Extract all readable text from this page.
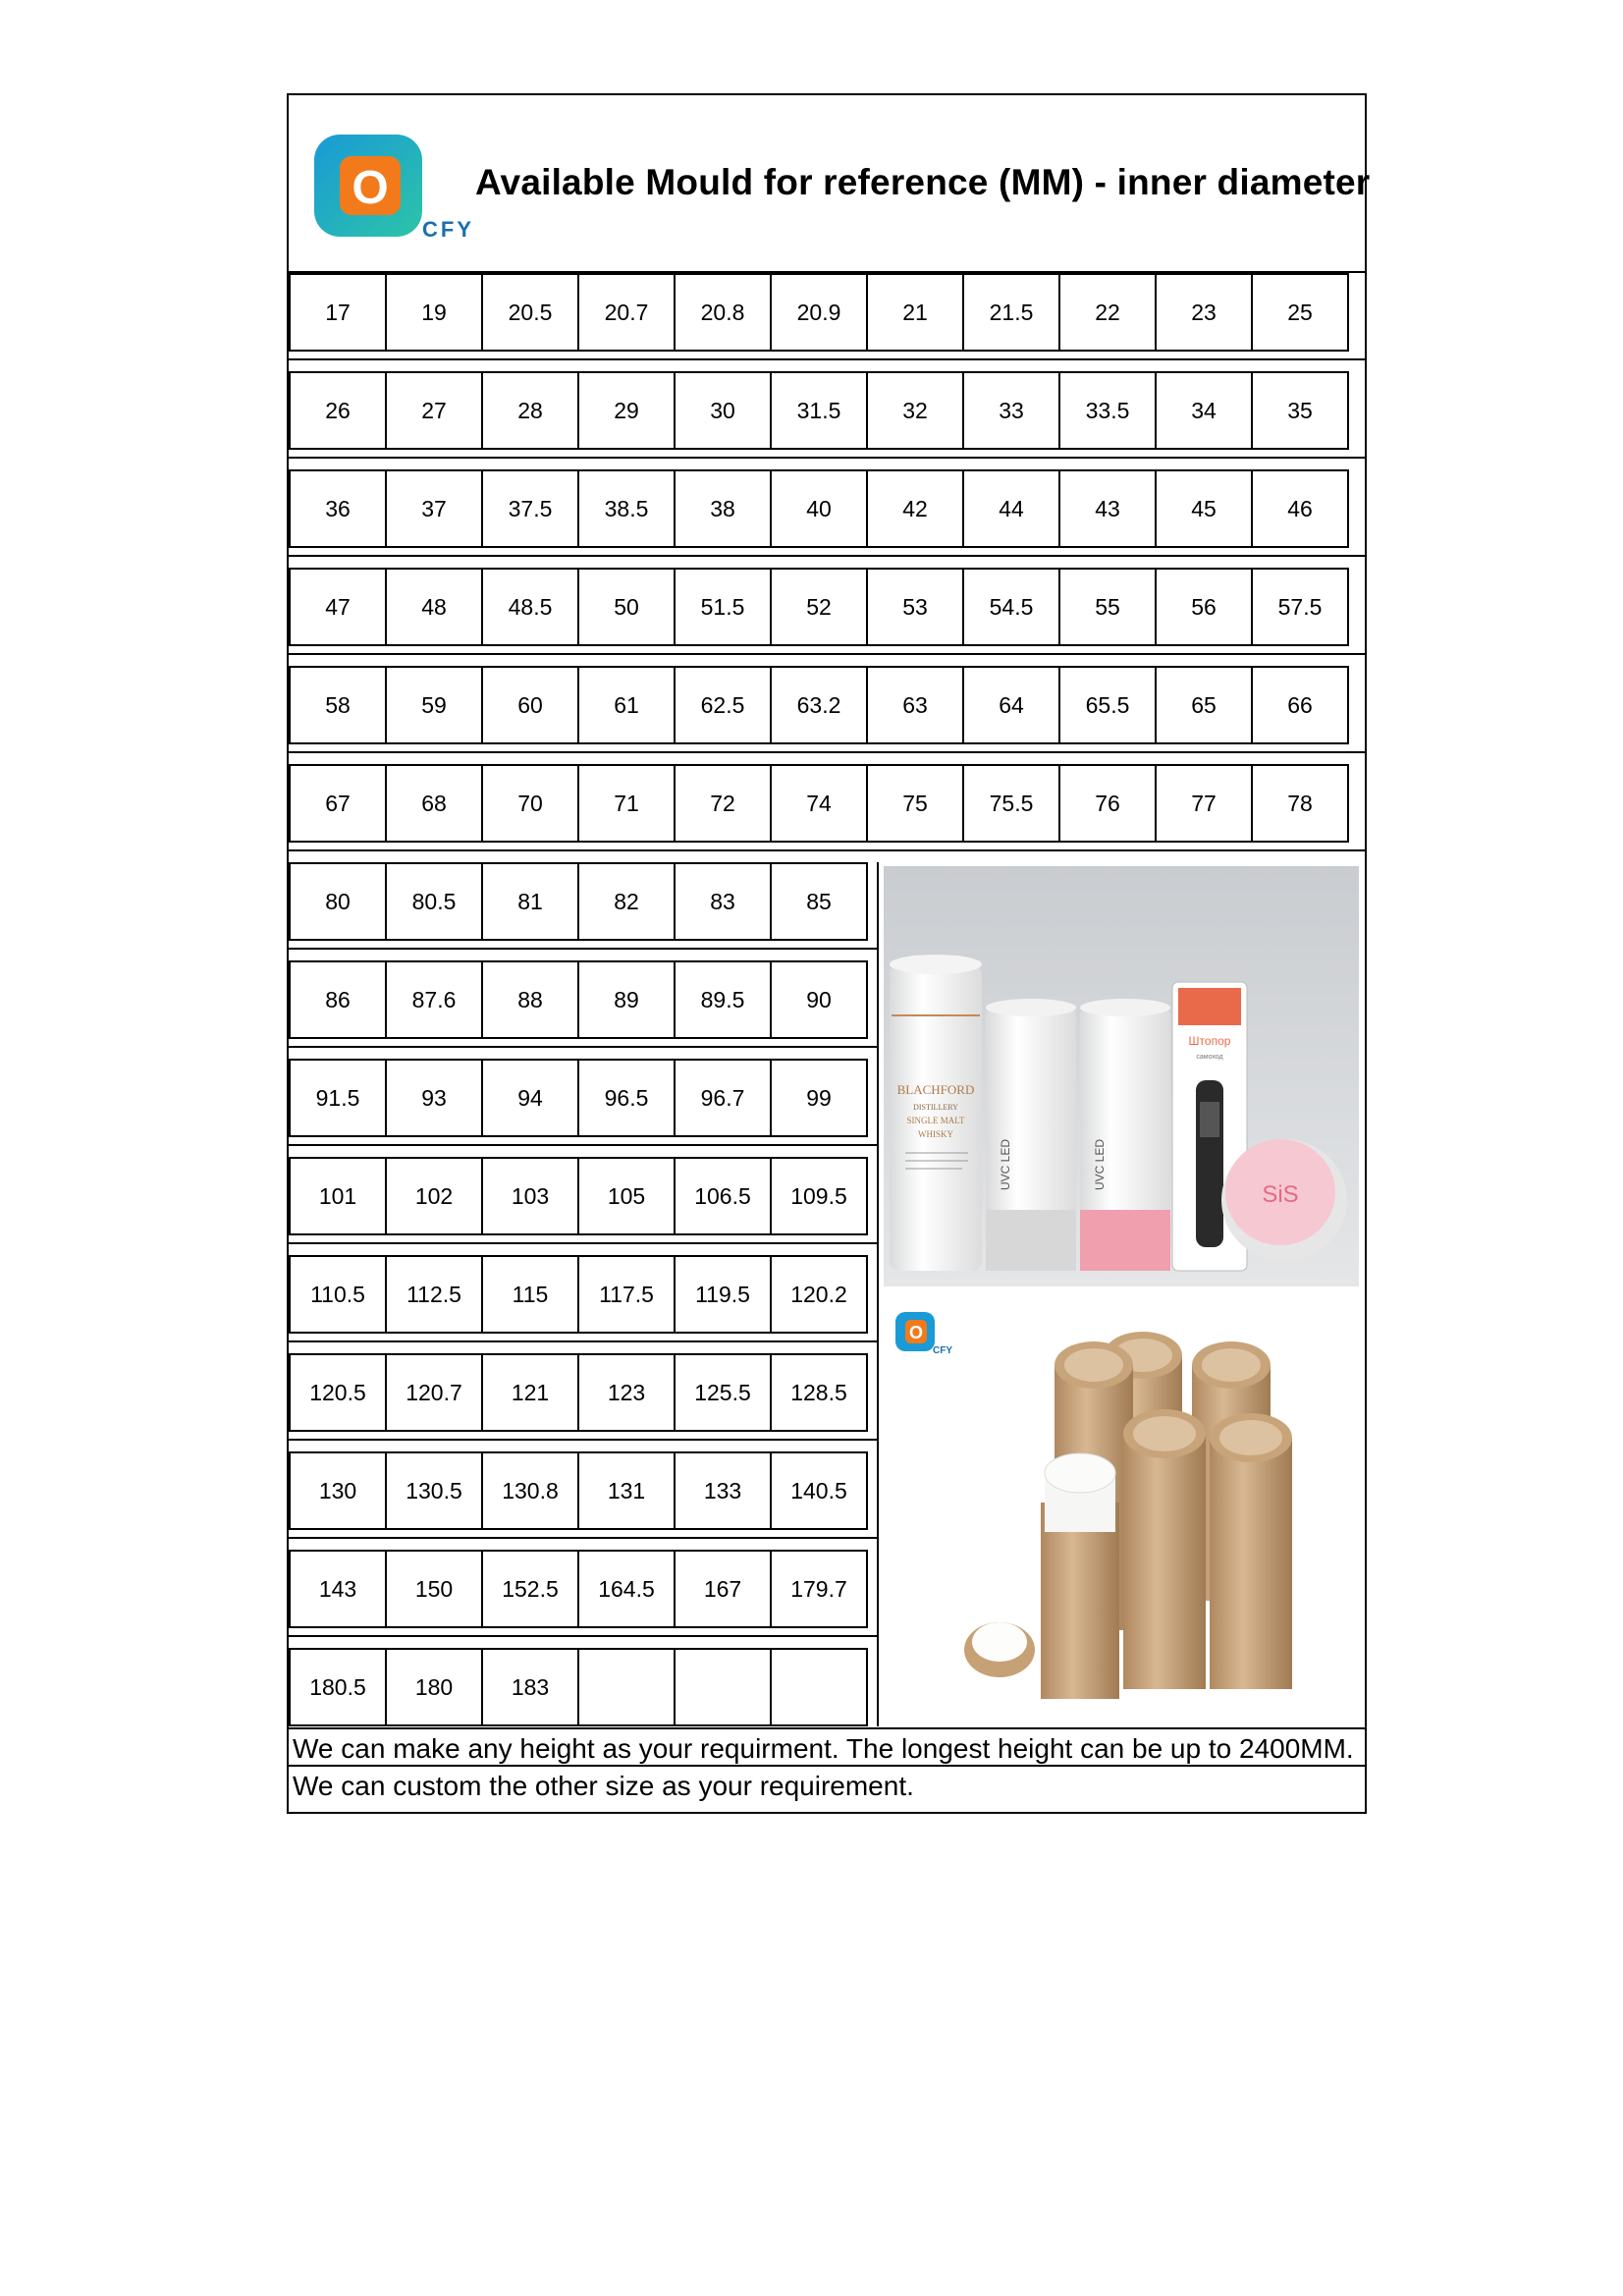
O
CFY
Available Mould for reference (MM) - inner diameter
17	19	20.5	20.7	20.8	20.9	21	21.5	22	23	25
26	27	28	29	30	31.5	32	33	33.5	34	35
36	37	37.5	38.5	38	40	42	44	43	45	46
47	48	48.5	50	51.5	52	53	54.5	55	56	57.5
58	59	60	61	62.5	63.2	63	64	65.5	65	66
67	68	70	71	72	74	75	75.5	76	77	78
80	80.5	81	82	83	85
86	87.6	88	89	89.5	90
91.5	93	94	96.5	96.7	99
101	102	103	105	106.5	109.5
110.5	112.5	115	117.5	119.5	120.2
120.5	120.7	121	123	125.5	128.5
130	130.5	130.8	131	133	140.5
143	150	152.5	164.5	167	179.7
180.5	180	183
BLACHFORD
DISTILLERY
SINGLE MALT
WHISKY
UVC LED	UVC LED
Штопор
самоход
SiS
O
CFY
We can make any height as your requirment. The longest height can be up to 2400MM.
We can custom the other size as your requirement.
